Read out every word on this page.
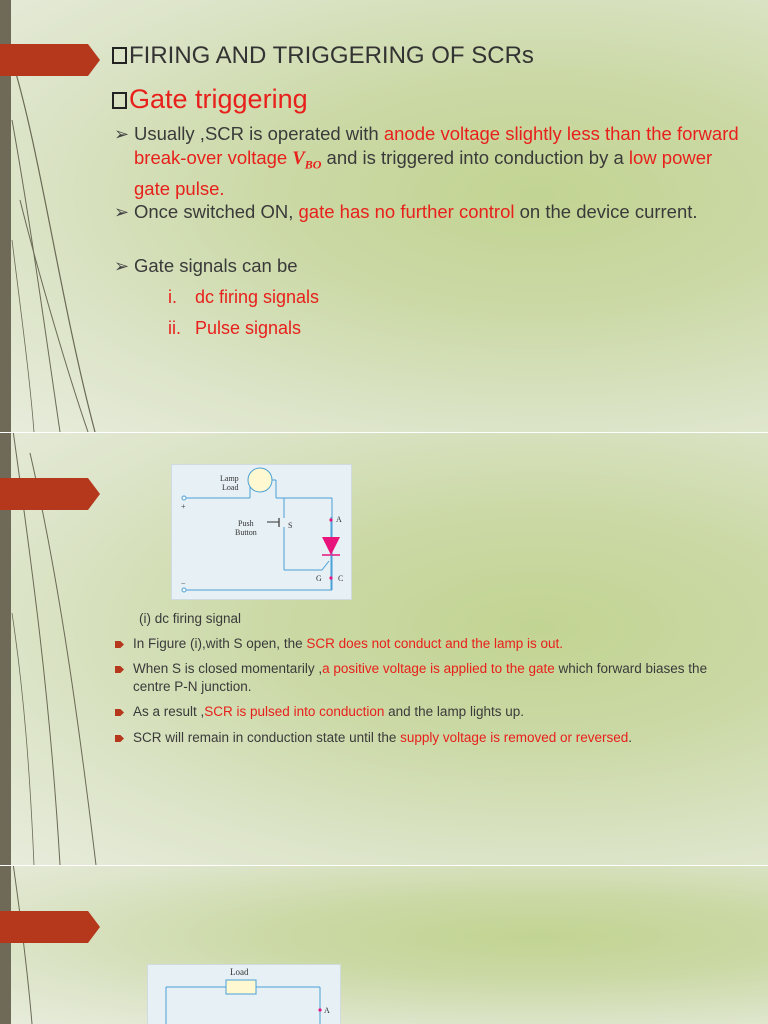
FIRING AND TRIGGERING OF SCRs
Gate triggering
➢ Usually ,SCR is operated with anode voltage slightly less than the forward break-over voltage $V_{BO}$ and is triggered into conduction by a low power gate pulse.
➢ Once switched ON, gate has no further control on the device current.
➢ Gate signals can be
i. dc firing signals
ii. Pulse signals
Lamp
Load
Push
Button
S
A
G C
+
−
(i) dc firing signal
In Figure (i),with S open, the SCR does not conduct and the lamp is out.
When S is closed momentarily ,a positive voltage is applied to the gate which forward biases the centre P-N junction.
As a result ,SCR is pulsed into conduction and the lamp lights up.
SCR will remain in conduction state until the supply voltage is removed or reversed.
Load
A
